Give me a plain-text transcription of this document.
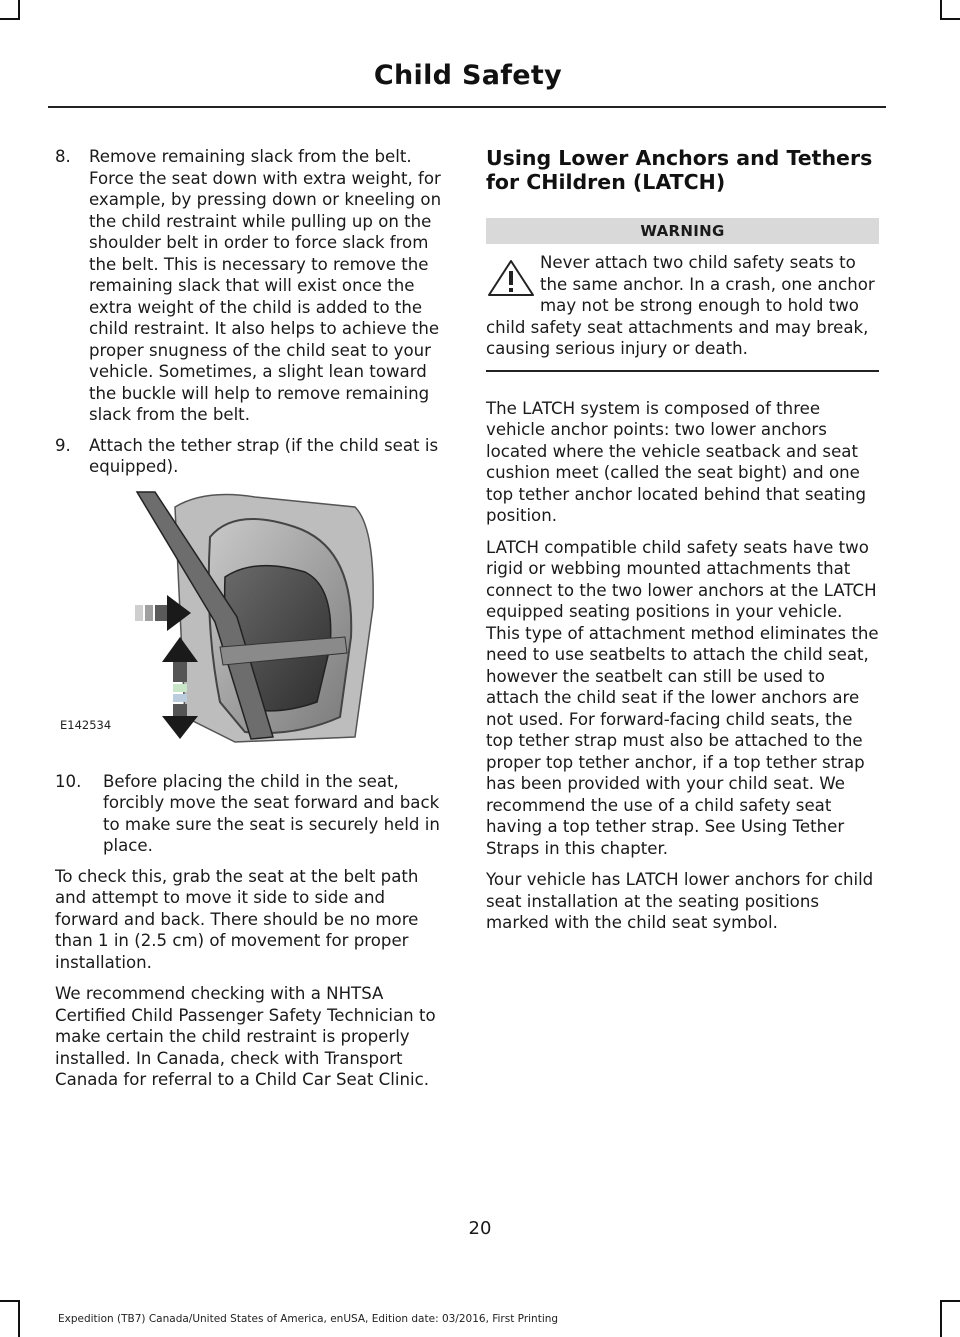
Child Safety
8.	Remove remaining slack from the belt. Force the seat down with extra weight, for example, by pressing down or kneeling on the child restraint while pulling up on the shoulder belt in order to force slack from the belt. This is necessary to remove the remaining slack that will exist once the extra weight of the child is added to the child restraint. It also helps to achieve the proper snugness of the child seat to your vehicle. Sometimes, a slight lean toward the buckle will help to remove remaining slack from the belt.
9.	Attach the tether strap (if the child seat is equipped).
E142534
10.	Before placing the child in the seat, forcibly move the seat forward and back to make sure the seat is securely held in place.

To check this, grab the seat at the belt path and attempt to move it side to side and forward and back. There should be no more than 1 in (2.5 cm) of movement for proper installation.

We recommend checking with a NHTSA Certified Child Passenger Safety Technician to make certain the child restraint is properly installed. In Canada, check with Transport Canada for referral to a Child Car Seat Clinic.

Using Lower Anchors and Tethers for CHildren (LATCH)
WARNING

Never attach two child safety seats to the same anchor. In a crash, one anchor may not be strong enough to hold two child safety seat attachments and may break, causing serious injury or death.

The LATCH system is composed of three vehicle anchor points: two lower anchors located where the vehicle seatback and seat cushion meet (called the seat bight) and one top tether anchor located behind that seating position.

LATCH compatible child safety seats have two rigid or webbing mounted attachments that connect to the two lower anchors at the LATCH equipped seating positions in your vehicle. This type of attachment method eliminates the need to use seatbelts to attach the child seat, however the seatbelt can still be used to attach the child seat if the lower anchors are not used. For forward-facing child seats, the top tether strap must also be attached to the proper top tether anchor, if a top tether strap has been provided with your child seat. We recommend the use of a child safety seat having a top tether strap. See Using Tether Straps in this chapter.

Your vehicle has LATCH lower anchors for child seat installation at the seating positions marked with the child seat symbol.

20
Expedition (TB7) Canada/United States of America, enUSA, Edition date: 03/2016, First Printing
